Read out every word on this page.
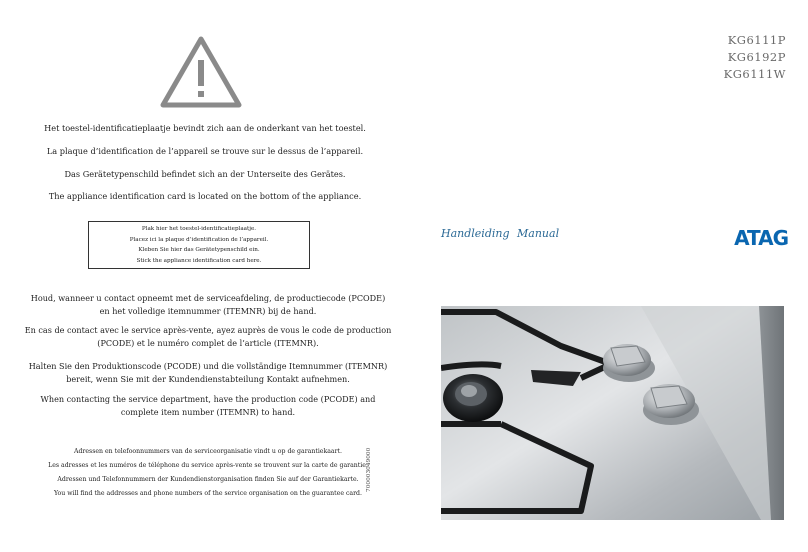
Het toestel-identificatieplaatje bevindt zich aan de onderkant van het toestel.
La plaque d’identification de l’appareil se trouve sur le dessus de l’appareil.
Das Gerätetypenschild befindet sich an der Unterseite des Gerätes.
The appliance identification card is located on the bottom of the appliance.
Plak hier het toestel-identificatieplaatje.
Placez ici la plaque d’identification de l’appareil.
Kleben Sie hier das Gerätetypenschild ein.
Stick the appliance identification card here.
Houd, wanneer u contact opneemt met de serviceafdeling, de productiecode (PCODE)
en het volledige itemnummer (ITEMNR) bij de hand.
En cas de contact avec le service après-vente, ayez auprès de vous le code de production
(PCODE) et le numéro complet de l’article (ITEMNR).
Halten Sie den Produktionscode (PCODE) und die vollständige Itemnummer (ITEMNR)
bereit, wenn Sie mit der Kundendienstabteilung Kontakt aufnehmen.
When contacting the service department, have the production code (PCODE) and
complete item number (ITEMNR) to hand.
Adressen en telefoonnummers van de serviceorganisatie vindt u op de garantiekaart.
Les adresses et les numéros de téléphone du service après-vente se trouvent sur la carte de garantie.
Adressen und Telefonnummern der Kundendienstorganisation finden Sie auf der Garantiekarte.
You will find the addresses and phone numbers of the service organisation on the guarantee card.
700003049000
KG6111P
KG6192P
KG6111W
Handleiding Manual	ATAG
